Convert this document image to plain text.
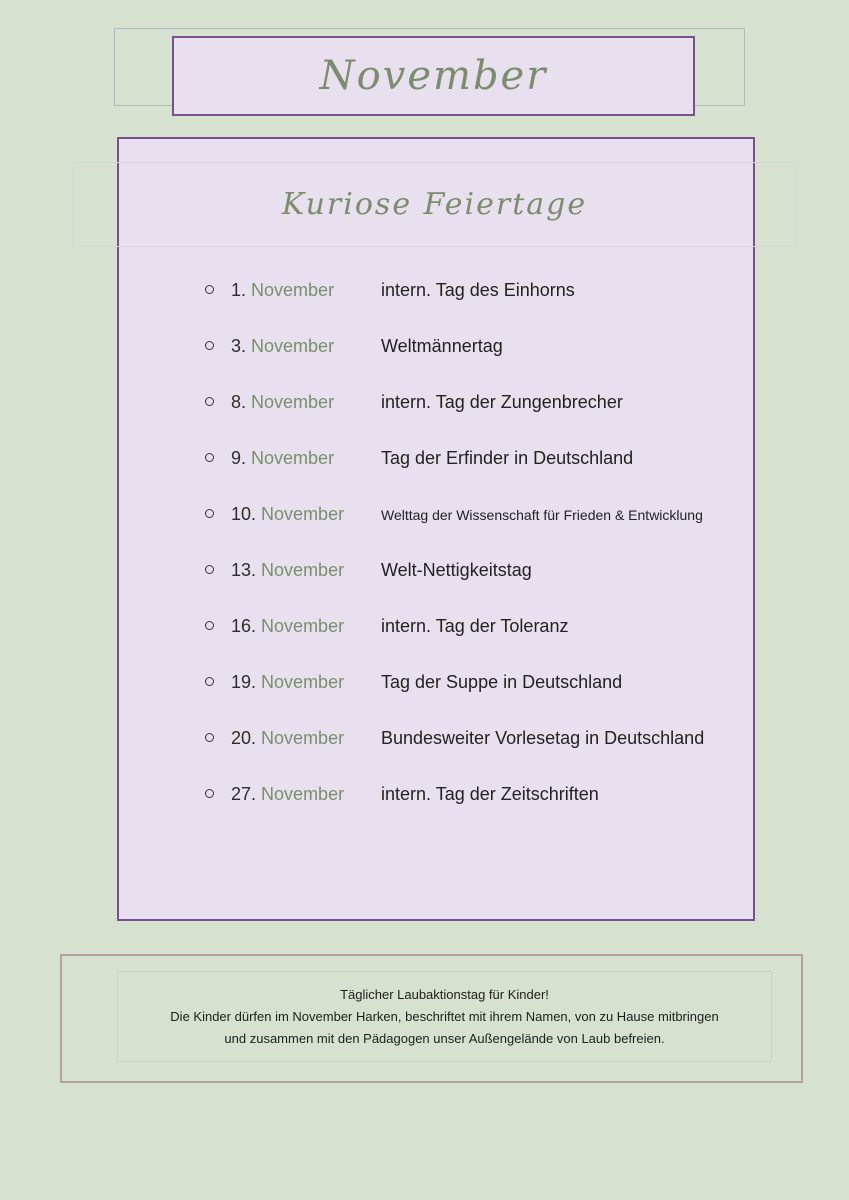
November
Kuriose Feiertage
1. November	intern. Tag des Einhorns
3. November	Weltmännertag
8. November	intern. Tag der Zungenbrecher
9. November	Tag der Erfinder in Deutschland
10. November	Welttag der Wissenschaft für Frieden & Entwicklung
13. November Welt-Nettigkeitstag
16. November intern. Tag der Toleranz
19. November Tag der Suppe in Deutschland
20. November Bundesweiter Vorlesetag in Deutschland
27. November intern. Tag der Zeitschriften
Täglicher Laubaktionstag für Kinder!
Die Kinder dürfen im November Harken, beschriftet mit ihrem Namen, von zu Hause mitbringen
und zusammen mit den Pädagogen unser Außengelände von Laub befreien.
